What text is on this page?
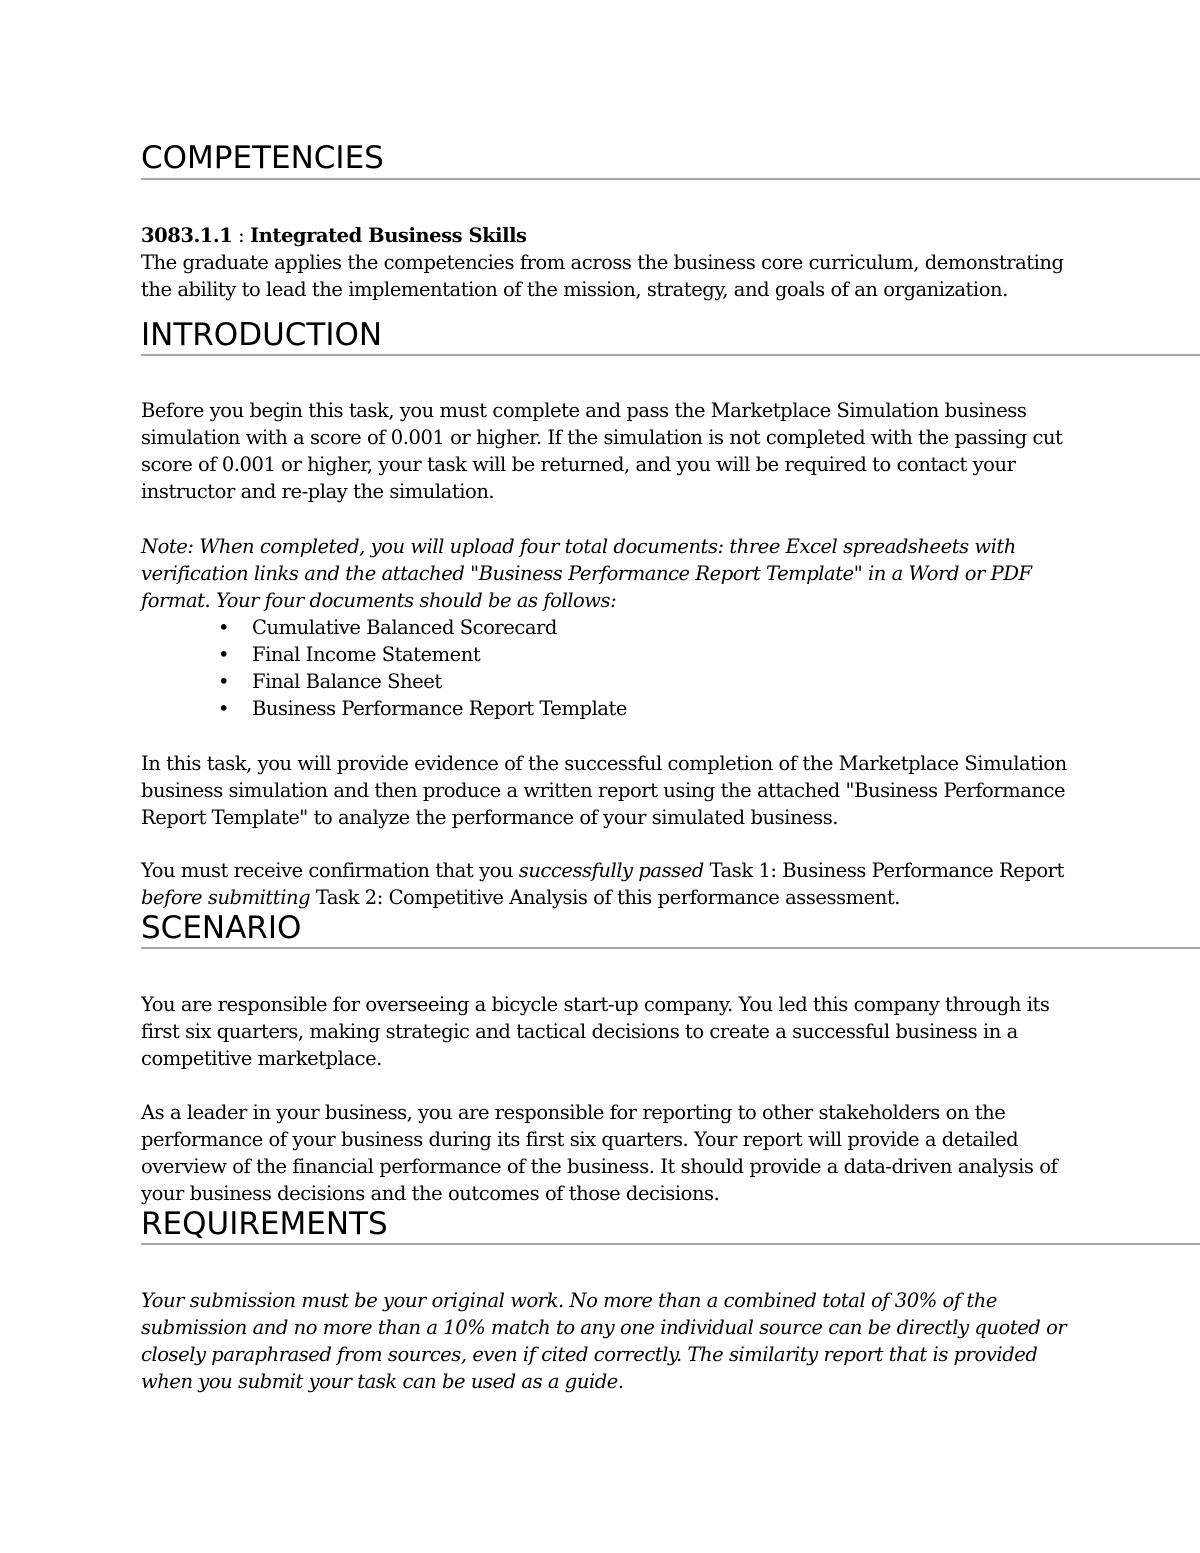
COMPETENCIES

3083.1.1 : Integrated Business Skills
The graduate applies the competencies from across the business core curriculum, demonstrating the ability to lead the implementation of the mission, strategy, and goals of an organization.

INTRODUCTION

Before you begin this task, you must complete and pass the Marketplace Simulation business simulation with a score of 0.001 or higher. If the simulation is not completed with the passing cut score of 0.001 or higher, your task will be returned, and you will be required to contact your instructor and re-play the simulation.

Note: When completed, you will upload four total documents: three Excel spreadsheets with verification links and the attached "Business Performance Report Template" in a Word or PDF format. Your four documents should be as follows:

• Cumulative Balanced Scorecard
• Final Income Statement
• Final Balance Sheet
• Business Performance Report Template

In this task, you will provide evidence of the successful completion of the Marketplace Simulation business simulation and then produce a written report using the attached "Business Performance Report Template" to analyze the performance of your simulated business.

You must receive confirmation that you successfully passed Task 1: Business Performance Report before submitting Task 2: Competitive Analysis of this performance assessment.

SCENARIO

You are responsible for overseeing a bicycle start-up company. You led this company through its first six quarters, making strategic and tactical decisions to create a successful business in a competitive marketplace.

As a leader in your business, you are responsible for reporting to other stakeholders on the performance of your business during its first six quarters. Your report will provide a detailed overview of the financial performance of the business. It should provide a data-driven analysis of your business decisions and the outcomes of those decisions.

REQUIREMENTS

Your submission must be your original work. No more than a combined total of 30% of the submission and no more than a 10% match to any one individual source can be directly quoted or closely paraphrased from sources, even if cited correctly. The similarity report that is provided when you submit your task can be used as a guide.
